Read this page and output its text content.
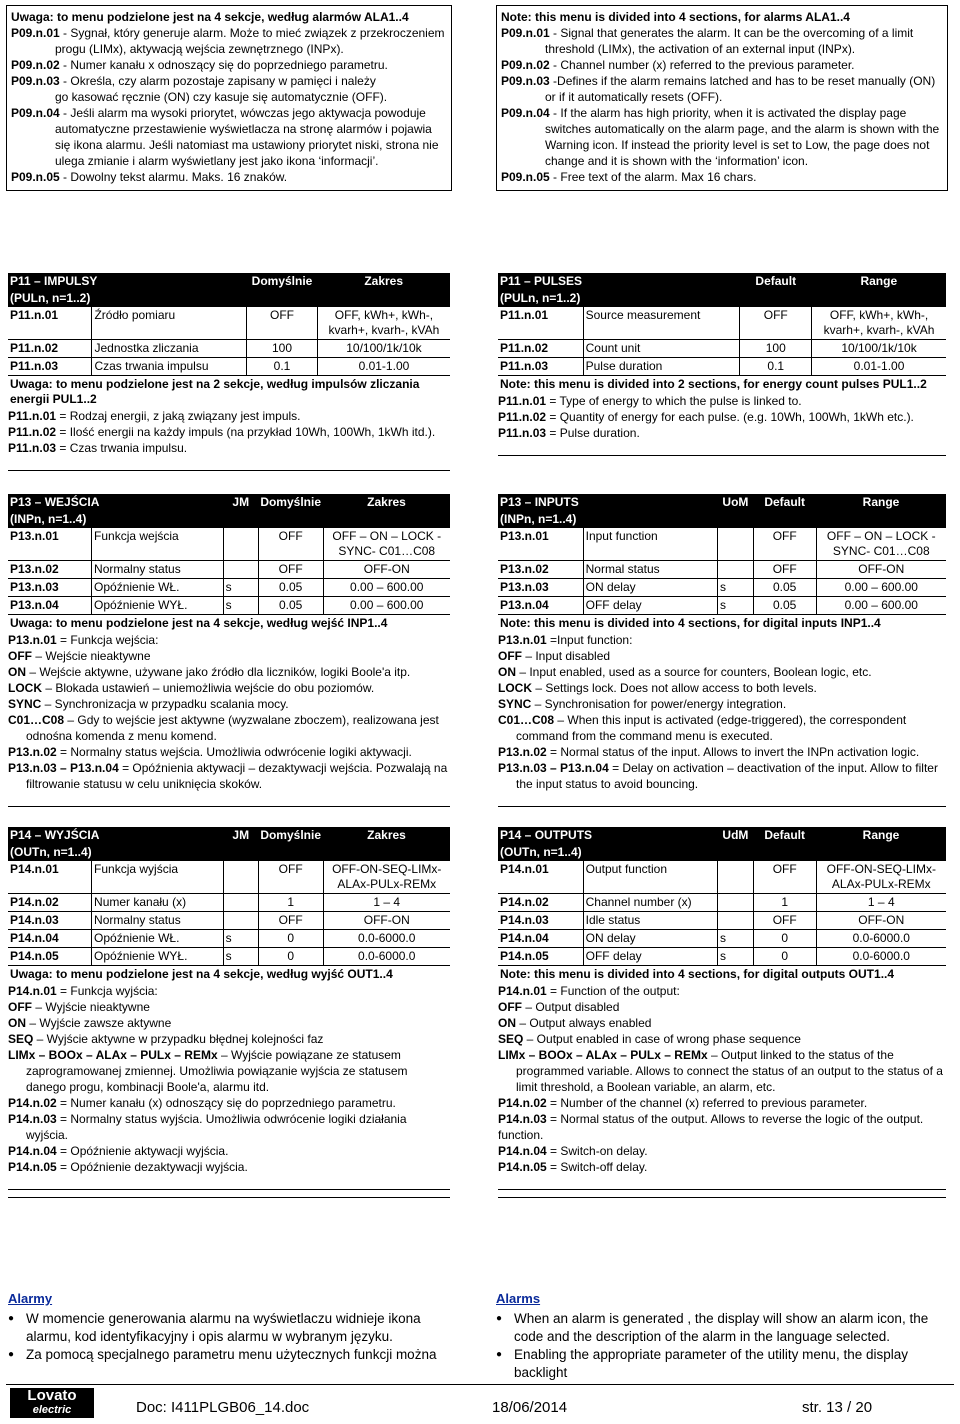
Uwaga: to menu podzielone jest na 4 sekcje, według alarmów ALA1..4

P09.n.01 - Sygnał, który generuje alarm. Może to mieć związek z przekroczeniem

progu (LIMx), aktywacją wejścia zewnętrznego (INPx).

P09.n.02 - Numer kanału x odnoszący się do poprzedniego parametru.

P09.n.03 - Określa, czy alarm pozostaje zapisany w pamięci i należy

go kasować ręcznie (ON) czy kasuje się automatycznie (OFF).

P09.n.04 - Jeśli alarm ma wysoki priorytet, wówczas jego aktywacja powoduje

automatyczne przestawienie wyświetlacza na stronę alarmów i pojawia się ikona alarmu. Jeśli natomiast ma ustawiony priorytet niski, strona nie ulega zmianie i alarm wyświetlany jest jako ikona ‘informacji’.

P09.n.05 - Dowolny tekst alarmu. Maks. 16 znaków.

Note: this menu is divided into 4 sections, for alarms ALA1..4

P09.n.01 - Signal that generates the alarm. It can be the overcoming of a limit

threshold (LIMx), the activation of an external input (INPx).

P09.n.02 - Channel number (x) referred to the previous parameter.

P09.n.03 -Defines if the alarm remains latched and has to be reset manually (ON)

or if it automatically resets (OFF).

P09.n.04 - If the alarm has high priority, when it is activated the display page

switches automatically on the alarm page, and the alarm is shown with the Warning icon. If instead the priority level is set to Low, the page does not change and it is shown with the ‘information’ icon.

P09.n.05 - Free text of the alarm. Max 16 chars.

P11 – IMPULSY		Domyślnie	Zakres
(PULn, n=1..2)			
P11.n.01	Źródło pomiaru	OFF	OFF, kWh+, kWh-, kvarh+, kvarh-, kVAh
P11.n.02	Jednostka zliczania	100	10/100/1k/10k
P11.n.03	Czas trwania impulsu	0.1	0.01-1.00
Uwaga: to menu podzielone jest na 2 sekcje, według impulsów zliczania energii PUL1..2			

P11.n.01 = Rodzaj energii, z jaką związany jest impuls.

P11.n.02 = Ilość energii na każdy impuls (na przykład 10Wh, 100Wh, 1kWh itd.).

P11.n.03 = Czas trwania impulsu.

P11 – PULSES		Default	Range
(PULn, n=1..2)			
P11.n.01	Source measurement	OFF	OFF, kWh+, kWh-, kvarh+, kvarh-, kVAh
P11.n.02	Count unit	100	10/100/1k/10k
P11.n.03	Pulse duration	0.1	0.01-1.00
Note: this menu is divided into 2 sections, for energy count pulses PUL1..2			

P11.n.01 = Type of energy to which the pulse is linked to.

P11.n.02 = Quantity of energy for each pulse. (e.g. 10Wh, 100Wh, 1kWh etc.).

P11.n.03 = Pulse duration.

P13 – WEJŚCIA		JM	Domyślnie	Zakres
(INPn, n=1..4)				
P13.n.01	Funkcja wejścia		OFF	OFF – ON – LOCK - SYNC- C01…C08
P13.n.02	Normalny status		OFF	OFF-ON
P13.n.03	Opóźnienie WŁ.	s	0.05	0.00 – 600.00
P13.n.04	Opóźnienie WYŁ.	s	0.05	0.00 – 600.00
Uwaga: to menu podzielone jest na 4 sekcje, według wejść INP1..4				

P13.n.01 = Funkcja wejścia:

OFF – Wejście nieaktywne

ON – Wejście aktywne, używane jako źródło dla liczników, logiki Boole'a itp.

LOCK – Blokada ustawień – uniemożliwia wejście do obu poziomów.

SYNC – Synchronizacja w przypadku scalania mocy.

C01…C08 – Gdy to wejście jest aktywne (wyzwalane zboczem), realizowana jest

odnośna komenda z menu komend.

P13.n.02 = Normalny status wejścia. Umożliwia odwrócenie logiki aktywacji.

P13.n.03 – P13.n.04 = Opóźnienia aktywacji – dezaktywacji wejścia. Pozwalają na

filtrowanie statusu w celu uniknięcia skoków.

P13 – INPUTS		UoM	Default	Range
(INPn, n=1..4)				
P13.n.01	Input function		OFF	OFF – ON – LOCK -SYNC- C01…C08
P13.n.02	Normal status		OFF	OFF-ON
P13.n.03	ON delay	s	0.05	0.00 – 600.00
P13.n.04	OFF delay	s	0.05	0.00 – 600.00
Note: this menu is divided into 4 sections, for digital inputs INP1..4				

P13.n.01 =Input function:

OFF – Input disabled

ON – Input enabled, used as a source for counters, Boolean logic, etc.

LOCK – Settings lock. Does not allow access to both levels.

SYNC – Synchronisation for power/energy integration.

C01…C08 – When this input is activated (edge-triggered), the correspondent

command from the command menu is executed.

P13.n.02 = Normal status of the input. Allows to invert the INPn activation logic.

P13.n.03 – P13.n.04 = Delay on activation – deactivation of the input. Allow to filter

the input status to avoid bouncing.

P14 – WYJŚCIA		JM	Domyślnie	Zakres
(OUTn, n=1..4)				
P14.n.01	Funkcja wyjścia		OFF	OFF-ON-SEQ-LIMx-ALAx-PULx-REMx
P14.n.02	Numer kanału (x)		1	1 – 4
P14.n.03	Normalny status		OFF	OFF-ON
P14.n.04	Opóźnienie WŁ.	s	0	0.0-6000.0
P14.n.05	Opóźnienie WYŁ.	s	0	0.0-6000.0
Uwaga: to menu podzielone jest na 4 sekcje, według wyjść OUT1..4				

P14.n.01 = Funkcja wyjścia:

OFF – Wyjście nieaktywne

ON – Wyjście zawsze aktywne

SEQ – Wyjście aktywne w przypadku błędnej kolejności faz

LIMx – BOOx – ALAx – PULx – REMx – Wyjście powiązane ze statusem

zaprogramowanej zmiennej. Umożliwia powiązanie wyjścia ze statusem danego progu, kombinacji Boole'a, alarmu itd.

P14.n.02 = Numer kanału (x) odnoszący się do poprzedniego parametru.

P14.n.03 = Normalny status wyjścia. Umożliwia odwrócenie logiki działania

wyjścia.

P14.n.04 = Opóźnienie aktywacji wyjścia.

P14.n.05 = Opóźnienie dezaktywacji wyjścia.

P14 – OUTPUTS		UdM	Default	Range
(OUTn, n=1..4)				
P14.n.01	Output function		OFF	OFF-ON-SEQ-LIMx-ALAx-PULx-REMx
P14.n.02	Channel number (x)		1	1 – 4
P14.n.03	Idle status		OFF	OFF-ON
P14.n.04	ON delay	s	0	0.0-6000.0
P14.n.05	OFF delay	s	0	0.0-6000.0
Note: this menu is divided into 4 sections, for digital outputs OUT1..4				

P14.n.01 = Function of the output:

OFF – Output disabled

ON – Output always enabled

SEQ – Output enabled in case of wrong phase sequence

LIMx – BOOx – ALAx – PULx – REMx – Output linked to the status of the

programmed variable. Allows to connect the status of an output to the status of a limit threshold, a Boolean variable, an alarm, etc.

P14.n.02 = Number of the channel (x) referred to previous parameter.

P14.n.03 = Normal status of the output. Allows to reverse the logic of the output. function.

P14.n.04 = Switch-on delay.

P14.n.05 = Switch-off delay.

Alarmy	Alarms
● W momencie generowania alarmu na wyświetlaczu widnieje ikona alarmu, kod identyfikacyjny i opis alarmu w wybranym języku.
● Za pomocą specjalnego parametru menu użytecznych funkcji można
● When an alarm is generated , the display will show an alarm icon, the code and the description of the alarm in the language selected.
● Enabling the appropriate parameter of the utility menu, the display backlight
Lovato
electric	Doc: I411PLGB06_14.doc	18/06/2014	str. 13 / 20
